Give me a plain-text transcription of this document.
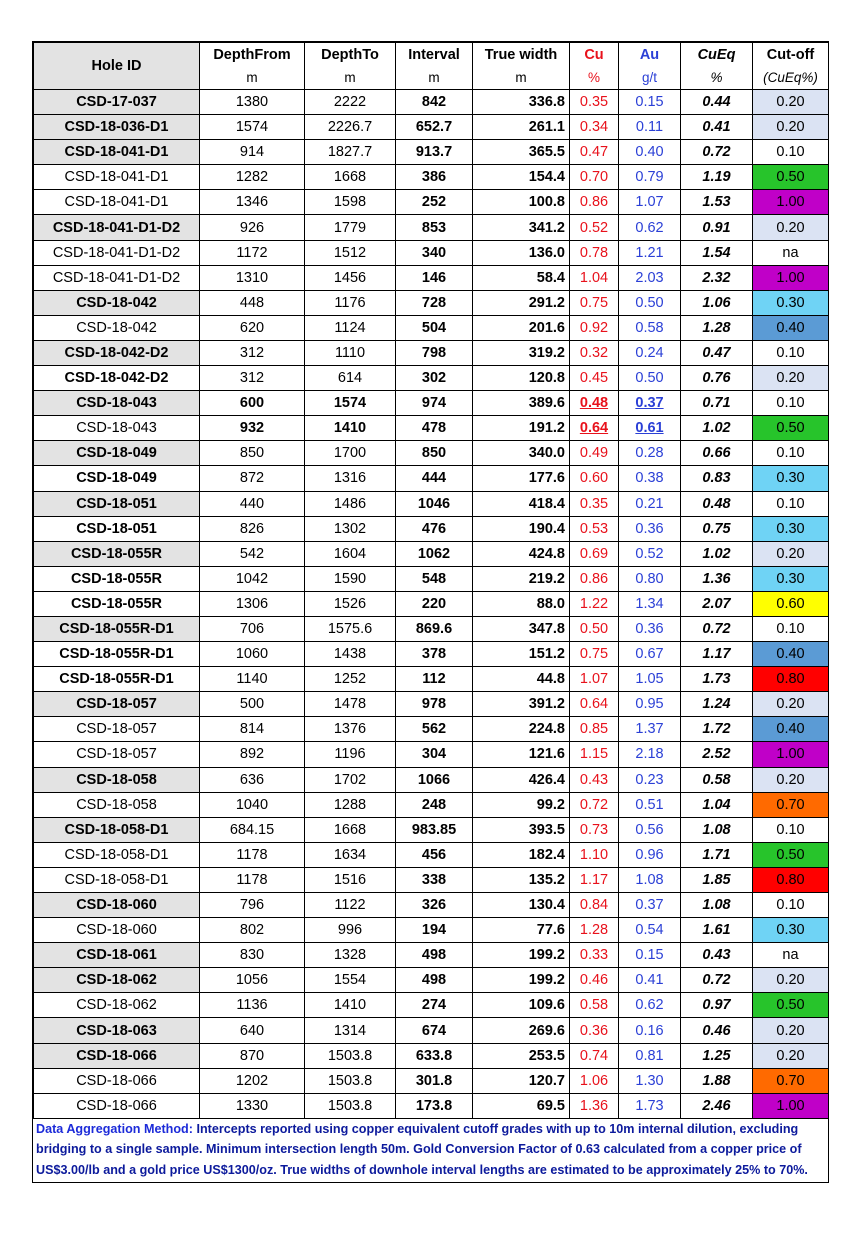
Hole ID	DepthFrom	DepthTo	Interval	True width	Cu	Au	CuEq	Cut-off
	m	m	m	m	%	g/t	%	(CuEq%)
CSD-17-037	1380	2222	842	336.8	0.35	0.15	0.44	0.20
CSD-18-036-D1	1574	2226.7	652.7	261.1	0.34	0.11	0.41	0.20
CSD-18-041-D1	914	1827.7	913.7	365.5	0.47	0.40	0.72	0.10
CSD-18-041-D1	1282	1668	386	154.4	0.70	0.79	1.19	0.50
CSD-18-041-D1	1346	1598	252	100.8	0.86	1.07	1.53	1.00
CSD-18-041-D1-D2	926	1779	853	341.2	0.52	0.62	0.91	0.20
CSD-18-041-D1-D2	1172	1512	340	136.0	0.78	1.21	1.54	na
CSD-18-041-D1-D2	1310	1456	146	58.4	1.04	2.03	2.32	1.00
CSD-18-042	448	1176	728	291.2	0.75	0.50	1.06	0.30
CSD-18-042	620	1124	504	201.6	0.92	0.58	1.28	0.40
CSD-18-042-D2	312	1110	798	319.2	0.32	0.24	0.47	0.10
CSD-18-042-D2	312	614	302	120.8	0.45	0.50	0.76	0.20
CSD-18-043	600	1574	974	389.6	0.48	0.37	0.71	0.10
CSD-18-043	932	1410	478	191.2	0.64	0.61	1.02	0.50
CSD-18-049	850	1700	850	340.0	0.49	0.28	0.66	0.10
CSD-18-049	872	1316	444	177.6	0.60	0.38	0.83	0.30
CSD-18-051	440	1486	1046	418.4	0.35	0.21	0.48	0.10
CSD-18-051	826	1302	476	190.4	0.53	0.36	0.75	0.30
CSD-18-055R	542	1604	1062	424.8	0.69	0.52	1.02	0.20
CSD-18-055R	1042	1590	548	219.2	0.86	0.80	1.36	0.30
CSD-18-055R	1306	1526	220	88.0	1.22	1.34	2.07	0.60
CSD-18-055R-D1	706	1575.6	869.6	347.8	0.50	0.36	0.72	0.10
CSD-18-055R-D1	1060	1438	378	151.2	0.75	0.67	1.17	0.40
CSD-18-055R-D1	1140	1252	112	44.8	1.07	1.05	1.73	0.80
CSD-18-057	500	1478	978	391.2	0.64	0.95	1.24	0.20
CSD-18-057	814	1376	562	224.8	0.85	1.37	1.72	0.40
CSD-18-057	892	1196	304	121.6	1.15	2.18	2.52	1.00
CSD-18-058	636	1702	1066	426.4	0.43	0.23	0.58	0.20
CSD-18-058	1040	1288	248	99.2	0.72	0.51	1.04	0.70
CSD-18-058-D1	684.15	1668	983.85	393.5	0.73	0.56	1.08	0.10
CSD-18-058-D1	1178	1634	456	182.4	1.10	0.96	1.71	0.50
CSD-18-058-D1	1178	1516	338	135.2	1.17	1.08	1.85	0.80
CSD-18-060	796	1122	326	130.4	0.84	0.37	1.08	0.10
CSD-18-060	802	996	194	77.6	1.28	0.54	1.61	0.30
CSD-18-061	830	1328	498	199.2	0.33	0.15	0.43	na
CSD-18-062	1056	1554	498	199.2	0.46	0.41	0.72	0.20
CSD-18-062	1136	1410	274	109.6	0.58	0.62	0.97	0.50
CSD-18-063	640	1314	674	269.6	0.36	0.16	0.46	0.20
CSD-18-066	870	1503.8	633.8	253.5	0.74	0.81	1.25	0.20
CSD-18-066	1202	1503.8	301.8	120.7	1.06	1.30	1.88	0.70
CSD-18-066	1330	1503.8	173.8	69.5	1.36	1.73	2.46	1.00
Data Aggregation Method: Intercepts reported using copper equivalent cutoff grades with up to 10m internal dilution, excluding bridging to a single sample. Minimum intersection length 50m. Gold Conversion Factor of 0.63 calculated from a copper price of US$3.00/lb and a gold price US$1300/oz. True widths of downhole interval lengths are estimated to be approximately 25% to 70%.
